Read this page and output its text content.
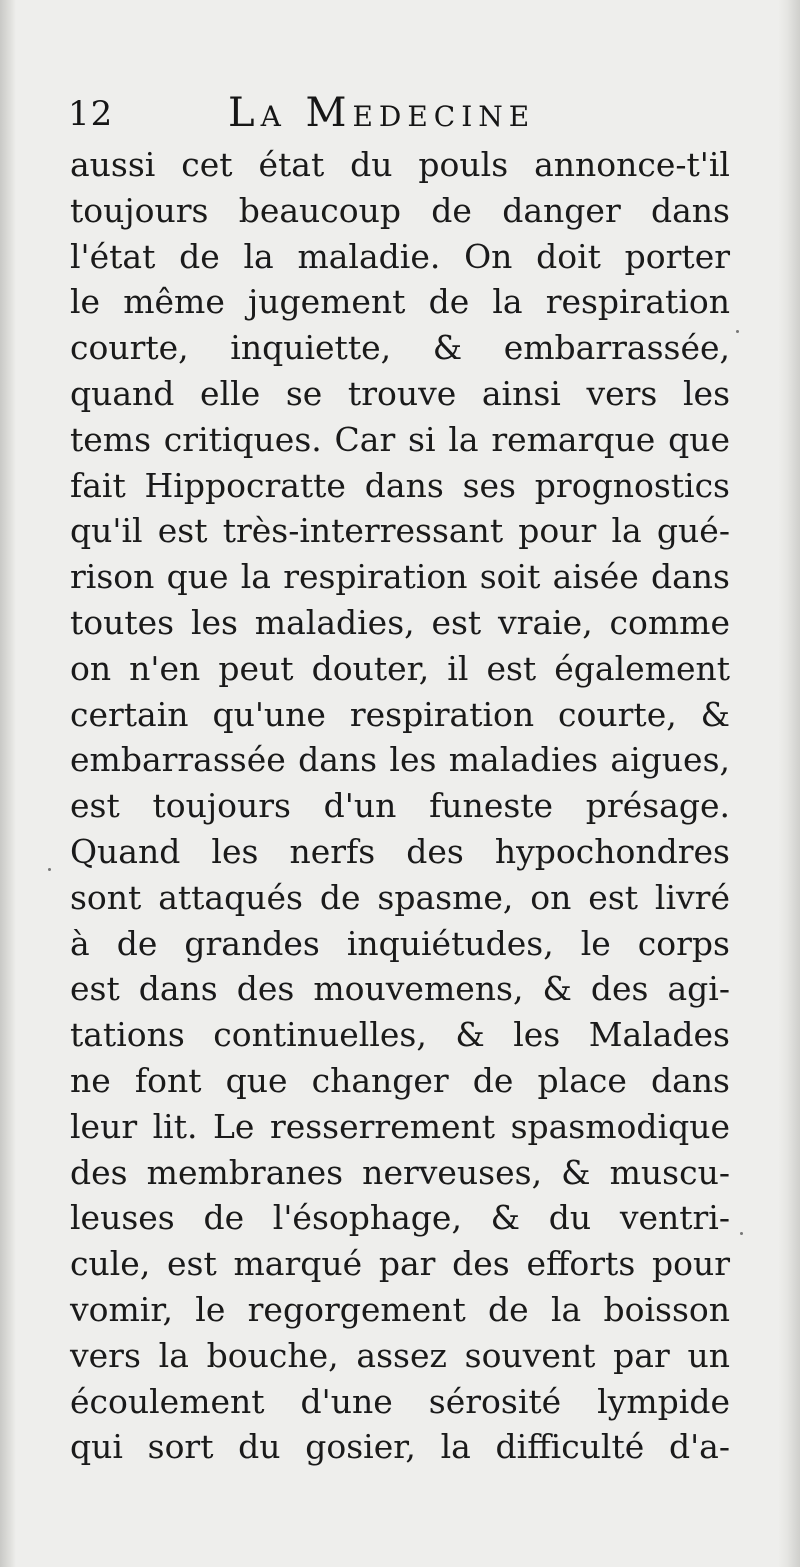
12	La Medecine
aussi cet état du pouls annonce-t'il
toujours beaucoup de danger dans
l'état de la maladie. On doit porter
le même jugement de la respiration
courte, inquiette, & embarrassée,
quand elle se trouve ainsi vers les
tems critiques. Car si la remarque que
fait Hippocratte dans ses prognostics
qu'il est très-interressant pour la gué-
rison que la respiration soit aisée dans
toutes les maladies, est vraie, comme
on n'en peut douter, il est également
certain qu'une respiration courte, &
embarrassée dans les maladies aigues,
est toujours d'un funeste présage.
Quand les nerfs des hypochondres
sont attaqués de spasme, on est livré
à de grandes inquiétudes, le corps
est dans des mouvemens, & des agi-
tations continuelles, & les Malades
ne font que changer de place dans
leur lit. Le resserrement spasmodique
des membranes nerveuses, & muscu-
leuses de l'ésophage, & du ventri-
cule, est marqué par des efforts pour
vomir, le regorgement de la boisson
vers la bouche, assez souvent par un
écoulement d'une sérosité lympide
qui sort du gosier, la difficulté d'a-
